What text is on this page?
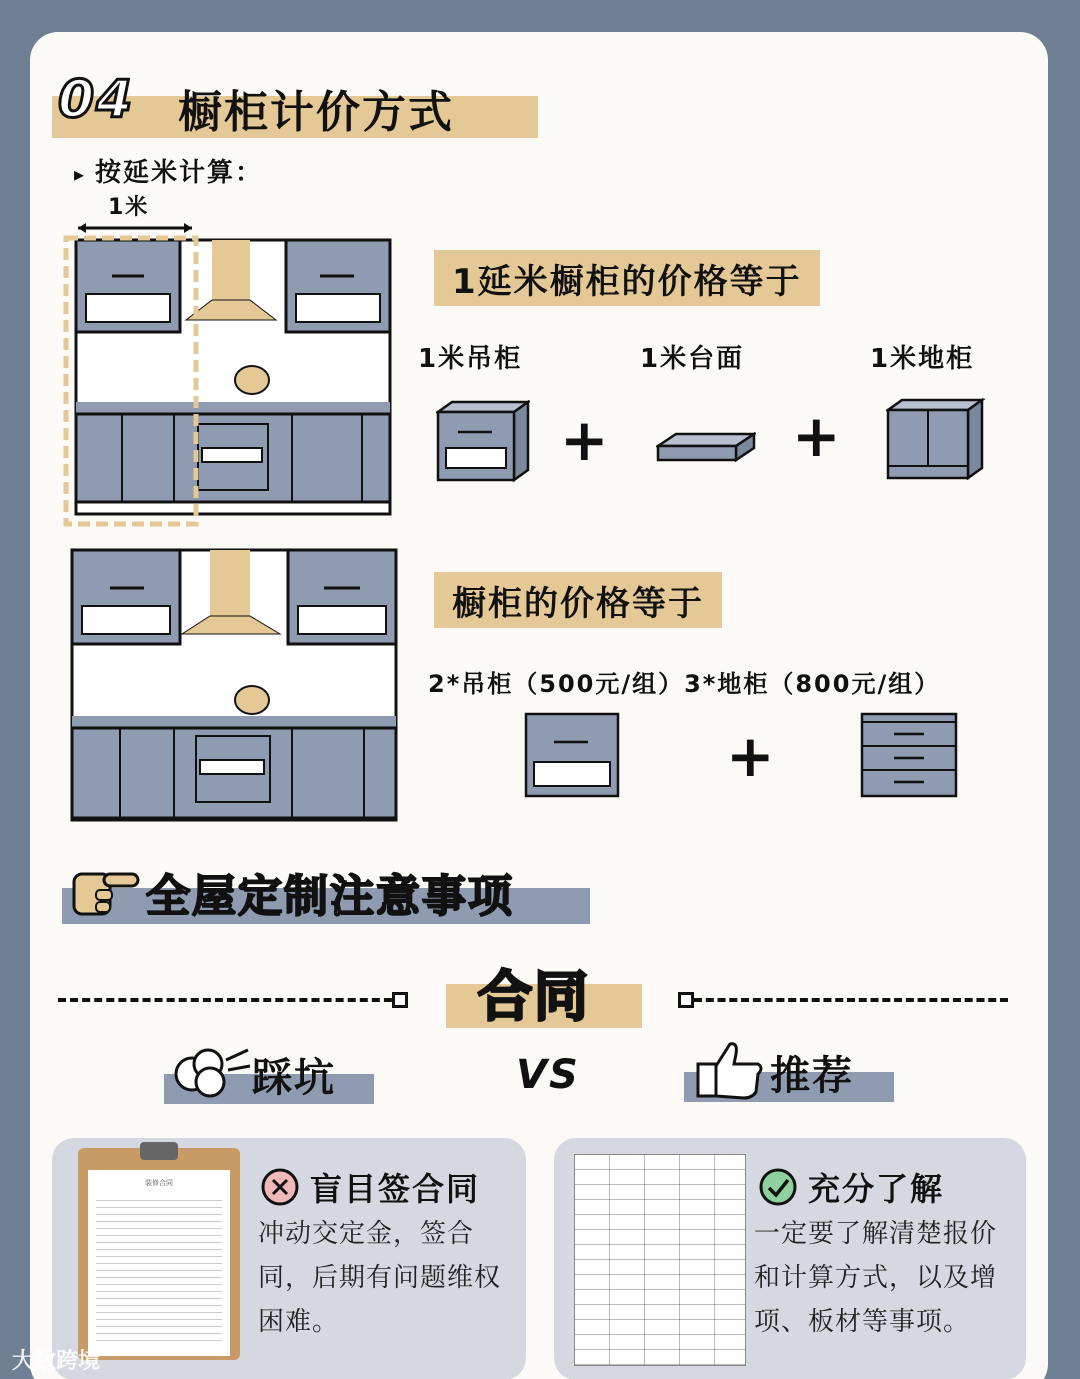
04 橱柜计价方式
▸ 按延米计算：
1米
1延米橱柜的价格等于
1米吊柜	1米台面	1米地柜
+	+
橱柜的价格等于
2*吊柜（500元/组）3*地柜（800元/组）
+
全屋定制注意事项
合同
踩坑	VS	推荐
装修合同	盲目签合同
冲动交定金，签合同，后期有问题维权困难。
充分了解
一定要了解清楚报价和计算方式，以及增项、板材等事项。
大数跨境
